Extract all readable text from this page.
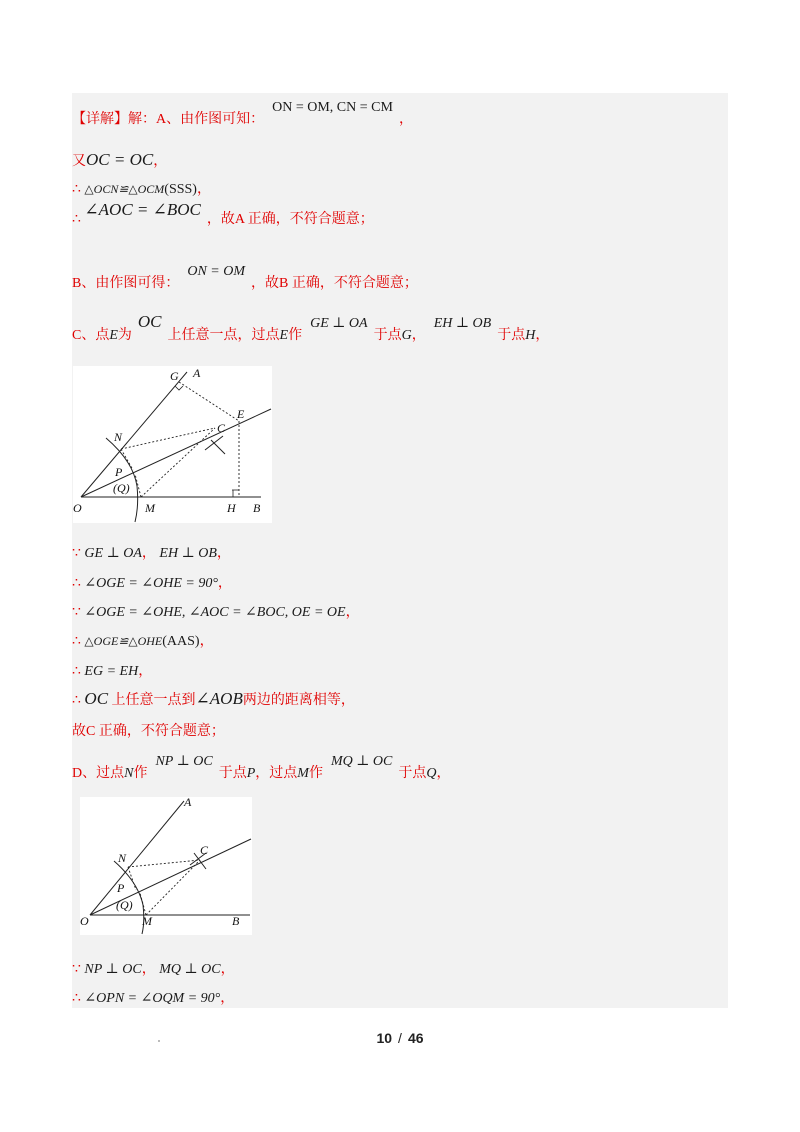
【详解】解：A、由作图可知：ON = OM, CN = CM，
又OC = OC，
∴ △OCN≌△OCM(SSS)，
∴ ∠AOC = ∠BOC，故A 正确，不符合题意；
B、由作图可得：ON = OM，故B 正确，不符合题意；
C、点E为OC上任意一点，过点E作GE ⊥ OA于点G，EH ⊥ OB于点H，
O
A
B
G
E
N
C
P
(Q)
M	H
∵ GE ⊥ OA， EH ⊥ OB，
∴ ∠OGE = ∠OHE = 90°，
∵ ∠OGE = ∠OHE, ∠AOC = ∠BOC, OE = OE，
∴ △OGE≌△OHE(AAS)，
∴ EG = EH，
∴ OC 上任意一点到∠AOB两边的距离相等，
故C 正确，不符合题意；
D、过点N作NP ⊥ OC于点P，过点M作MQ ⊥ OC于点Q，
O
A
B
N
C
P
(Q)
M
∵ NP ⊥ OC， MQ ⊥ OC，
∴ ∠OPN = ∠OQM = 90°，
10 / 46
